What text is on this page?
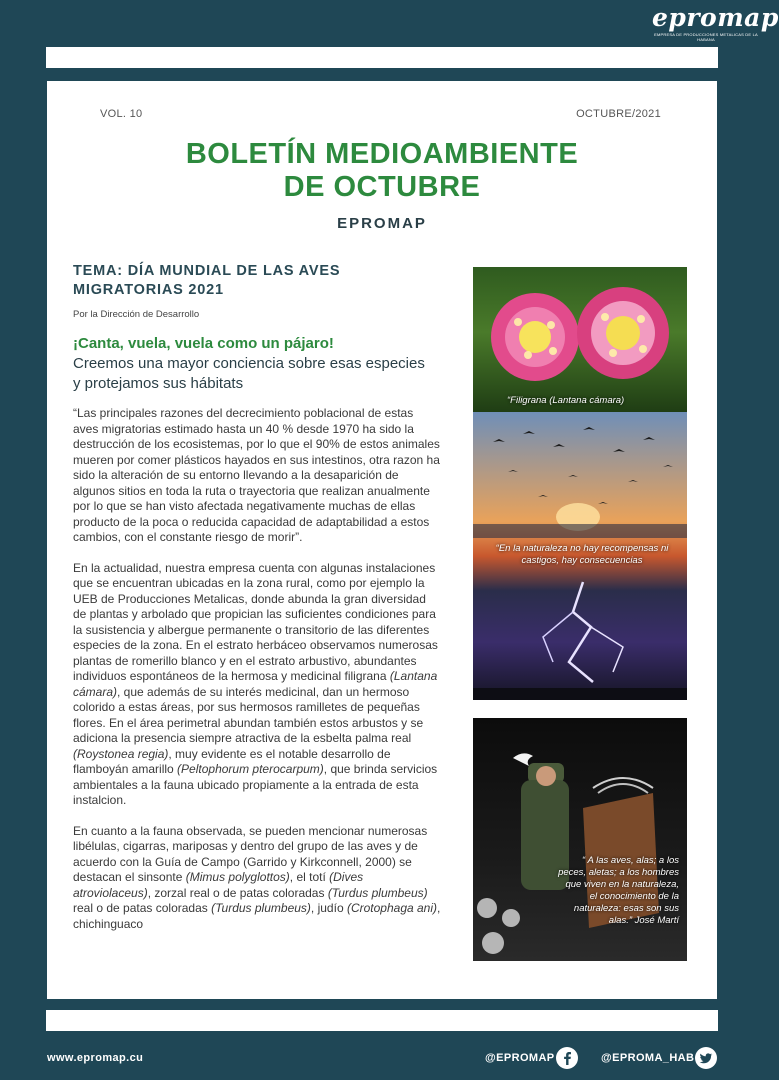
epromap
EMPRESA DE PRODUCCIONES METALICAS DE LA HABANA
VOL. 10	OCTUBRE/2021
BOLETÍN MEDIOAMBIENTE
DE OCTUBRE
EPROMAP
TEMA: DÍA MUNDIAL DE LAS AVES
MIGRATORIAS 2021
Por la Dirección de Desarrollo
¡Canta, vuela, vuela como un pájaro!
Creemos una mayor conciencia sobre esas especies y protejamos sus hábitats

“Las principales razones del decrecimiento poblacional de estas aves migratorias estimado hasta un 40 % desde 1970 ha sido la destrucción de los ecosistemas, por lo que el 90% de estos animales mueren por comer plásticos hayados en sus intestinos, otra razon ha sido la alteración de su entorno llevando a la desaparición de algunos sitios en toda la ruta o trayectoria que realizan anualmente por lo que se han visto afectada negativamente muchas de ellas producto de la poca o reducida capacidad de adaptabilidad a estos cambios, con el constante riesgo de morir”.

En la actualidad, nuestra empresa cuenta con algunas instalaciones que se encuentran ubicadas en la zona rural, como por ejemplo la UEB de Producciones Metalicas, donde abunda la gran diversidad de plantas y arbolado que propician las suficientes condiciones para la susistencia y albergue permanente o transitorio de las diferentes especies de la zona. En el estrato herbáceo observamos numerosas plantas de romerillo blanco y en el estrato arbustivo, abundantes individuos espontáneos de la hermosa y medicinal filigrana (Lantana cámara), que además de su interés medicinal, dan un hermoso colorido a estas áreas, por sus hermosos ramilletes de pequeñas flores. En el área perimetral abundan también estos arbustos y se adiciona la presencia siempre atractiva de la esbelta palma real (Roystonea regia), muy evidente es el notable desarrollo de flamboyán amarillo (Peltophorum pterocarpum), que brinda servicios ambientales a la fauna ubicado propiamente a la entrada de esta instalcion.

En cuanto a la fauna observada, se pueden mencionar numerosas libélulas, cigarras, mariposas y dentro del grupo de las aves y de acuerdo con la Guía de Campo (Garrido y Kirkconnell, 2000) se destacan el sinsonte (Mimus polyglottos), el totí (Dives atroviolaceus), zorzal real o de patas coloradas (Turdus plumbeus) real o de patas coloradas (Turdus plumbeus), judío (Crotophaga ani), chichinguaco

“Filigrana (Lantana cámara)
“En la naturaleza no hay recompensas ni castigos, hay consecuencias
“ A las aves, alas; a los peces, aletas; a los hombres que viven en la naturaleza, el conocimiento de la naturaleza: esas son sus alas.” José Martí
www.epromap.cu	@EPROMAP	@EPROMA_HAB
